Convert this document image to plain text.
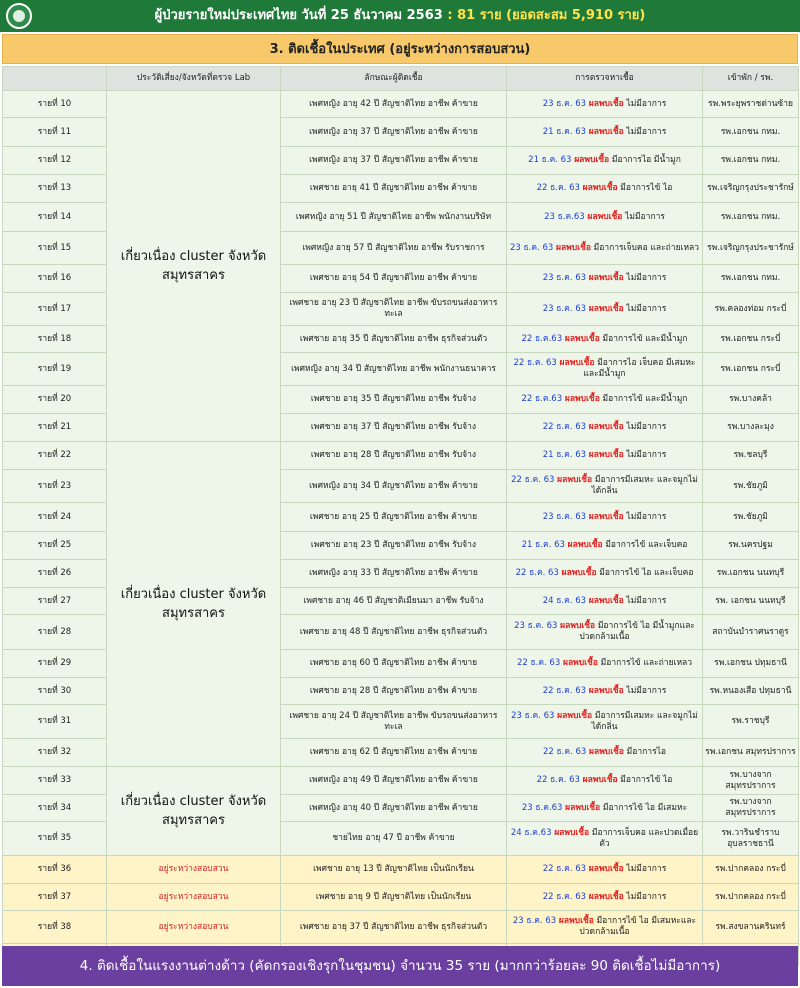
ผู้ป่วยรายใหม่ประเทศไทย วันที่ 25 ธันวาคม 2563 : 81 ราย (ยอดสะสม 5,910 ราย)
3. ติดเชื้อในประเทศ (อยู่ระหว่างการสอบสวน)
	ประวัติเสี่ยง/จังหวัดที่ตรวจ Lab	ลักษณะผู้ติดเชื้อ	การตรวจหาเชื้อ	เข้าพัก / รพ.
รายที่ 10	เกี่ยวเนื่อง cluster จังหวัดสมุทรสาคร	เพศหญิง อายุ 42 ปี สัญชาติไทย อาชีพ ค้าขาย	23 ธ.ค. 63 ผลพบเชื้อ ไม่มีอาการ	รพ.พระยุพราชด่านซ้าย
รายที่ 11		เพศหญิง อายุ 37 ปี สัญชาติไทย อาชีพ ค้าขาย	21 ธ.ค. 63 ผลพบเชื้อ ไม่มีอาการ	รพ.เอกชน กทม.
รายที่ 12		เพศหญิง อายุ 37 ปี สัญชาติไทย อาชีพ ค้าขาย	21 ธ.ค. 63 ผลพบเชื้อ มีอาการไอ มีน้ำมูก	รพ.เอกชน กทม.
รายที่ 13		เพศชาย อายุ 41 ปี สัญชาติไทย อาชีพ ค้าขาย	22 ธ.ค. 63 ผลพบเชื้อ มีอาการไข้ ไอ	รพ.เจริญกรุงประชารักษ์
รายที่ 14		เพศหญิง อายุ 51 ปี สัญชาติไทย อาชีพ พนักงานบริษัท	23 ธ.ค.63 ผลพบเชื้อ ไม่มีอาการ	รพ.เอกชน กทม.
รายที่ 15		เพศหญิง อายุ 57 ปี สัญชาติไทย อาชีพ รับราชการ	23 ธ.ค. 63 ผลพบเชื้อ มีอาการเจ็บคอ และถ่ายเหลว	รพ.เจริญกรุงประชารักษ์
รายที่ 16		เพศชาย อายุ 54 ปี สัญชาติไทย อาชีพ ค้าขาย	23 ธ.ค. 63 ผลพบเชื้อ ไม่มีอาการ	รพ.เอกชน กทม.
รายที่ 17		เพศชาย อายุ 23 ปี สัญชาติไทย อาชีพ ขับรถขนส่งอาหารทะเล	23 ธ.ค. 63 ผลพบเชื้อ ไม่มีอาการ	รพ.คลองท่อม กระบี่
รายที่ 18		เพศชาย อายุ 35 ปี สัญชาติไทย อาชีพ ธุรกิจส่วนตัว	22 ธ.ค.63 ผลพบเชื้อ มีอาการไข้ และมีน้ำมูก	รพ.เอกชน กระบี่
รายที่ 19		เพศหญิง อายุ 34 ปี สัญชาติไทย อาชีพ พนักงานธนาคาร	22 ธ.ค. 63 ผลพบเชื้อ มีอาการไอ เจ็บคอ มีเสมหะ และมีน้ำมูก	รพ.เอกชน กระบี่
รายที่ 20		เพศชาย อายุ 35 ปี สัญชาติไทย อาชีพ รับจ้าง	22 ธ.ค.63 ผลพบเชื้อ มีอาการไข้ และมีน้ำมูก	รพ.บางคล้า
รายที่ 21		เพศชาย อายุ 37 ปี สัญชาติไทย อาชีพ รับจ้าง	22 ธ.ค. 63 ผลพบเชื้อ ไม่มีอาการ	รพ.บางละมุง
รายที่ 22	เกี่ยวเนื่อง cluster จังหวัดสมุทรสาคร	เพศชาย อายุ 28 ปี สัญชาติไทย อาชีพ รับจ้าง	21 ธ.ค. 63 ผลพบเชื้อ ไม่มีอาการ	รพ.ชลบุรี
รายที่ 23		เพศหญิง อายุ 34 ปี สัญชาติไทย อาชีพ ค้าขาย	22 ธ.ค. 63 ผลพบเชื้อ มีอาการมีเสมหะ และจมูกไม่ได้กลิ่น	รพ.ชัยภูมิ
รายที่ 24		เพศชาย อายุ 25 ปี สัญชาติไทย อาชีพ ค้าขาย	23 ธ.ค. 63 ผลพบเชื้อ ไม่มีอาการ	รพ.ชัยภูมิ
รายที่ 25		เพศชาย อายุ 23 ปี สัญชาติไทย อาชีพ รับจ้าง	21 ธ.ค. 63 ผลพบเชื้อ มีอาการไข้ และเจ็บคอ	รพ.นครปฐม
รายที่ 26		เพศหญิง อายุ 33 ปี สัญชาติไทย อาชีพ ค้าขาย	22 ธ.ค. 63 ผลพบเชื้อ มีอาการไข้ ไอ และเจ็บคอ	รพ.เอกชน นนทบุรี
รายที่ 27		เพศชาย อายุ 46 ปี สัญชาติเมียนมา อาชีพ รับจ้าง	24 ธ.ค. 63 ผลพบเชื้อ ไม่มีอาการ	รพ. เอกชน นนทบุรี
รายที่ 28		เพศชาย อายุ 48 ปี สัญชาติไทย อาชีพ ธุรกิจส่วนตัว	23 ธ.ค. 63 ผลพบเชื้อ มีอาการไข้ ไอ มีน้ำมูกและปวดกล้ามเนื้อ	สถาบันบำราศนราดูร
รายที่ 29		เพศชาย อายุ 60 ปี สัญชาติไทย อาชีพ ค้าขาย	22 ธ.ค. 63 ผลพบเชื้อ มีอาการไข้ และถ่ายเหลว	รพ.เอกชน ปทุมธานี
รายที่ 30		เพศชาย อายุ 28 ปี สัญชาติไทย อาชีพ ค้าขาย	22 ธ.ค. 63 ผลพบเชื้อ ไม่มีอาการ	รพ.หนองเสือ ปทุมธานี
รายที่ 31		เพศชาย อายุ 24 ปี สัญชาติไทย อาชีพ ขับรถขนส่งอาหารทะเล	23 ธ.ค. 63 ผลพบเชื้อ มีอาการมีเสมหะ และจมูกไม่ได้กลิ่น	รพ.ราชบุรี
รายที่ 32		เพศชาย อายุ 62 ปี สัญชาติไทย อาชีพ ค้าขาย	22 ธ.ค. 63 ผลพบเชื้อ มีอาการไอ	รพ.เอกชน สมุทรปราการ
รายที่ 33	เกี่ยวเนื่อง cluster จังหวัดสมุทรสาคร	เพศหญิง อายุ 49 ปี สัญชาติไทย อาชีพ ค้าขาย	22 ธ.ค. 63 ผลพบเชื้อ มีอาการไข้ ไอ	รพ.บางจาก สมุทรปราการ
รายที่ 34		เพศหญิง อายุ 40 ปี สัญชาติไทย อาชีพ ค้าขาย	23 ธ.ค.63 ผลพบเชื้อ มีอาการไข้ ไอ มีเสมหะ	รพ.บางจาก สมุทรปราการ
รายที่ 35		ชายไทย อายุ 47 ปี อาชีพ ค้าขาย	24 ธ.ค.63 ผลพบเชื้อ มีอาการเจ็บคอ และปวดเมื่อยตัว	รพ.วารินชำราบ อุบลราชธานี
รายที่ 36	อยู่ระหว่างสอบสวน	เพศชาย อายุ 13 ปี สัญชาติไทย เป็นนักเรียน	22 ธ.ค. 63 ผลพบเชื้อ ไม่มีอาการ	รพ.ปากคลอง กระบี่
รายที่ 37	อยู่ระหว่างสอบสวน	เพศชาย อายุ 9 ปี สัญชาติไทย เป็นนักเรียน	22 ธ.ค. 63 ผลพบเชื้อ ไม่มีอาการ	รพ.ปากคลอง กระบี่
รายที่ 38	อยู่ระหว่างสอบสวน	เพศชาย อายุ 37 ปี สัญชาติไทย อาชีพ ธุรกิจส่วนตัว	23 ธ.ค. 63 ผลพบเชื้อ มีอาการไข้ ไอ มีเสมหะและปวดกล้ามเนื้อ	รพ.สงขลานครินทร์

4. ติดเชื้อในแรงงานต่างด้าว (คัดกรองเชิงรุกในชุมชน) จำนวน 35 ราย (มากกว่าร้อยละ 90 ติดเชื้อไม่มีอาการ)
